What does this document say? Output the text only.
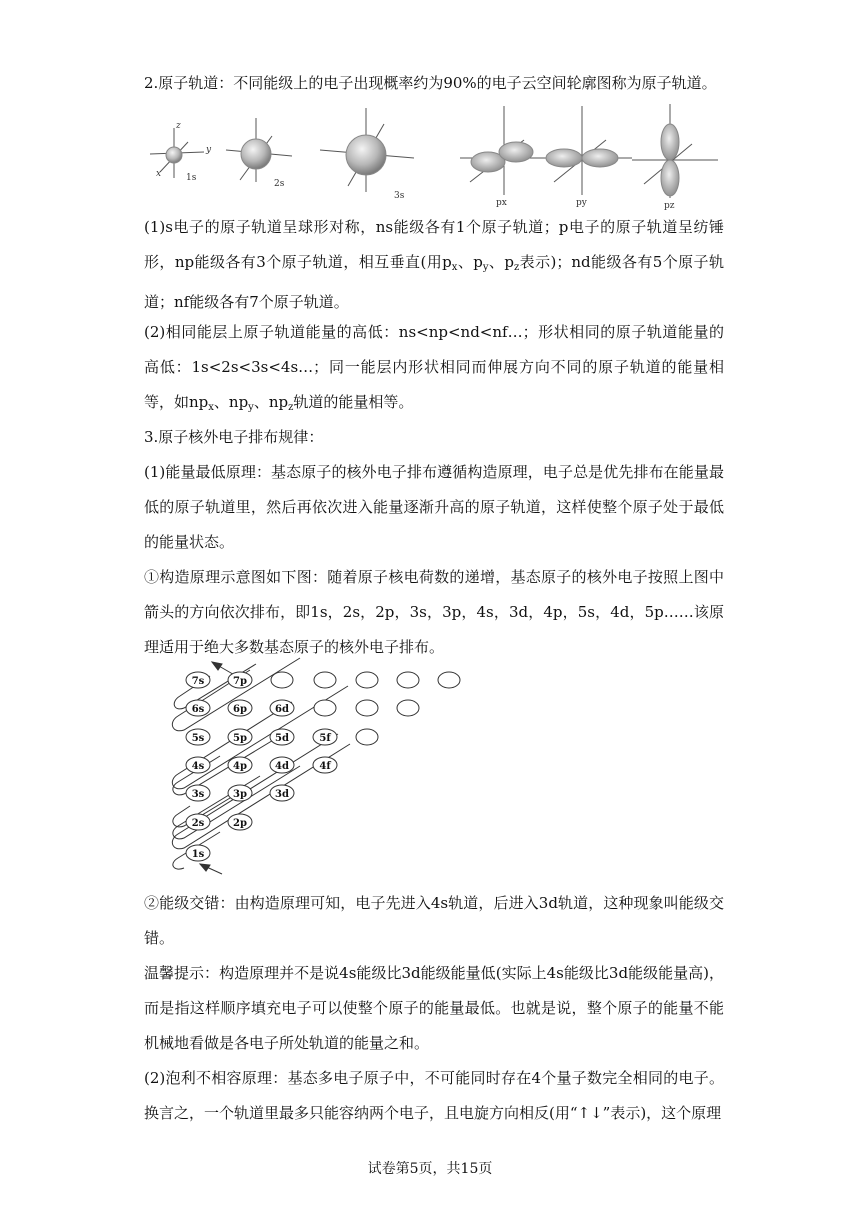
2.原子轨道：不同能级上的电子出现概率约为90%的电子云空间轮廓图称为原子轨道。

1s
2s
3s
px	py	pz
x
y
z

(1)s电子的原子轨道呈球形对称，ns能级各有1个原子轨道；p电子的原子轨道呈纺锤形，np能级各有3个原子轨道，相互垂直(用$p_x$、$p_y$、$p_z$表示)；nd能级各有5个原子轨道；nf能级各有7个原子轨道。

(2)相同能层上原子轨道能量的高低：ns<np<nd<nf…；形状相同的原子轨道能量的高低：1s<2s<3s<4s…；同一能层内形状相同而伸展方向不同的原子轨道的能量相等，如$np_x$、$np_y$、$np_z$轨道的能量相等。

3.原子核外电子排布规律：

(1)能量最低原理：基态原子的核外电子排布遵循构造原理，电子总是优先排布在能量最低的原子轨道里，然后再依次进入能量逐渐升高的原子轨道，这样使整个原子处于最低的能量状态。

①构造原理示意图如下图：随着原子核电荷数的递增，基态原子的核外电子按照上图中箭头的方向依次排布，即1s，2s，2p，3s，3p，4s，3d，4p，5s，4d，5p……该原理适用于绝大多数基态原子的核外电子排布。

7s	7p
6s	6p	6d
5s	5p	5d	5f
4s	4p	4d	4f
3s	3p	3d
2s	2p
1s

②能级交错：由构造原理可知，电子先进入4s轨道，后进入3d轨道，这种现象叫能级交错。

温馨提示：构造原理并不是说4s能级比3d能级能量低(实际上4s能级比3d能级能量高)，而是指这样顺序填充电子可以使整个原子的能量最低。也就是说，整个原子的能量不能机械地看做是各电子所处轨道的能量之和。

(2)泡利不相容原理：基态多电子原子中，不可能同时存在4个量子数完全相同的电子。换言之，一个轨道里最多只能容纳两个电子，且电旋方向相反(用“↑↓”表示)，这个原理

试卷第5页，共15页
